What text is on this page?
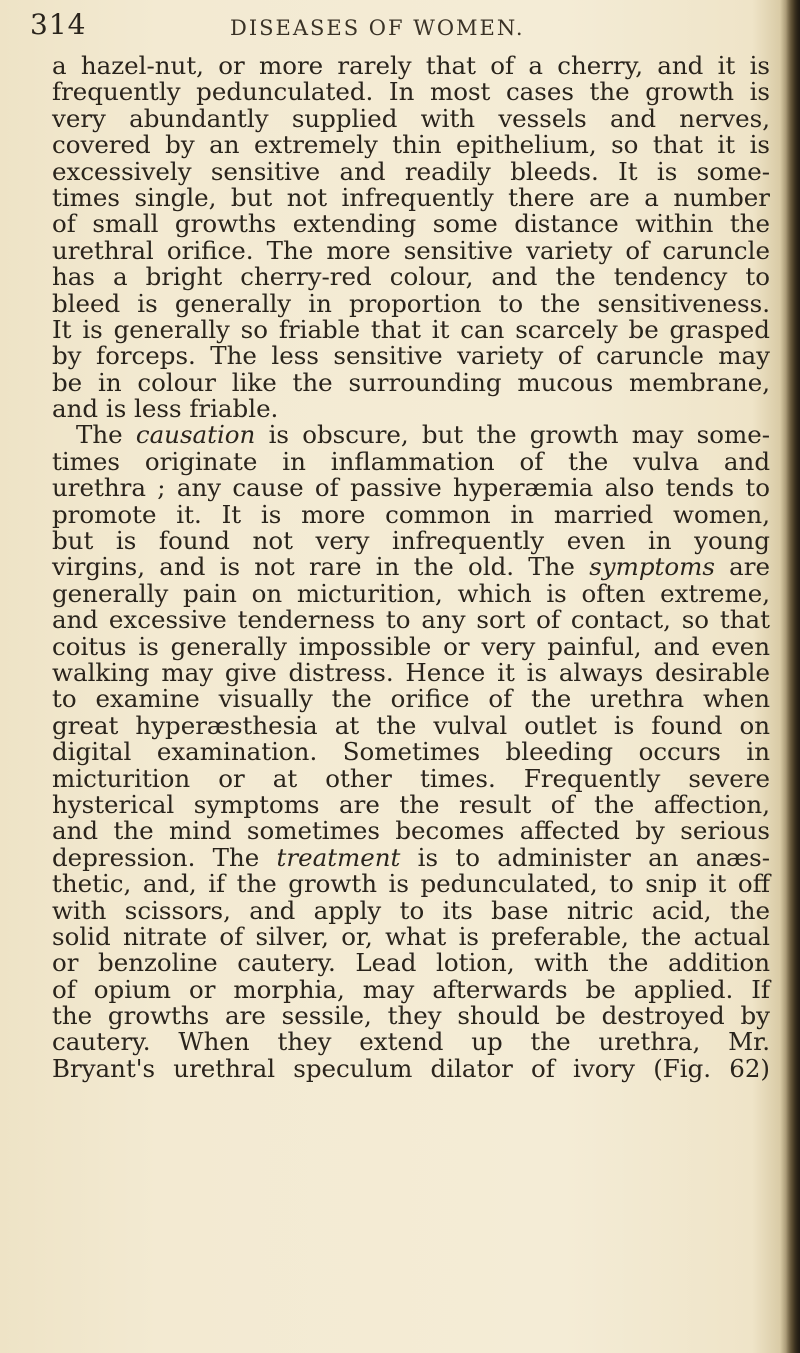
314	DISEASES OF WOMEN.
a hazel-nut, or more rarely that of a cherry, and it is
frequently pedunculated. In most cases the growth is
very abundantly supplied with vessels and nerves,
covered by an extremely thin epithelium, so that it is
excessively sensitive and readily bleeds. It is some-
times single, but not infrequently there are a number
of small growths extending some distance within the
urethral orifice. The more sensitive variety of caruncle
has a bright cherry-red colour, and the tendency to
bleed is generally in proportion to the sensitiveness.
It is generally so friable that it can scarcely be grasped
by forceps. The less sensitive variety of caruncle may
be in colour like the surrounding mucous membrane,
and is less friable.
The causation is obscure, but the growth may some-
times originate in inflammation of the vulva and
urethra ; any cause of passive hyperæmia also tends to
promote it. It is more common in married women,
but is found not very infrequently even in young
virgins, and is not rare in the old. The symptoms are
generally pain on micturition, which is often extreme,
and excessive tenderness to any sort of contact, so that
coitus is generally impossible or very painful, and even
walking may give distress. Hence it is always desirable
to examine visually the orifice of the urethra when
great hyperæsthesia at the vulval outlet is found on
digital examination. Sometimes bleeding occurs in
micturition or at other times. Frequently severe
hysterical symptoms are the result of the affection,
and the mind sometimes becomes affected by serious
depression. The treatment is to administer an anæs-
thetic, and, if the growth is pedunculated, to snip it off
with scissors, and apply to its base nitric acid, the
solid nitrate of silver, or, what is preferable, the actual
or benzoline cautery. Lead lotion, with the addition
of opium or morphia, may afterwards be applied. If
the growths are sessile, they should be destroyed by
cautery. When they extend up the urethra, Mr.
Bryant's urethral speculum dilator of ivory (Fig. 62)
